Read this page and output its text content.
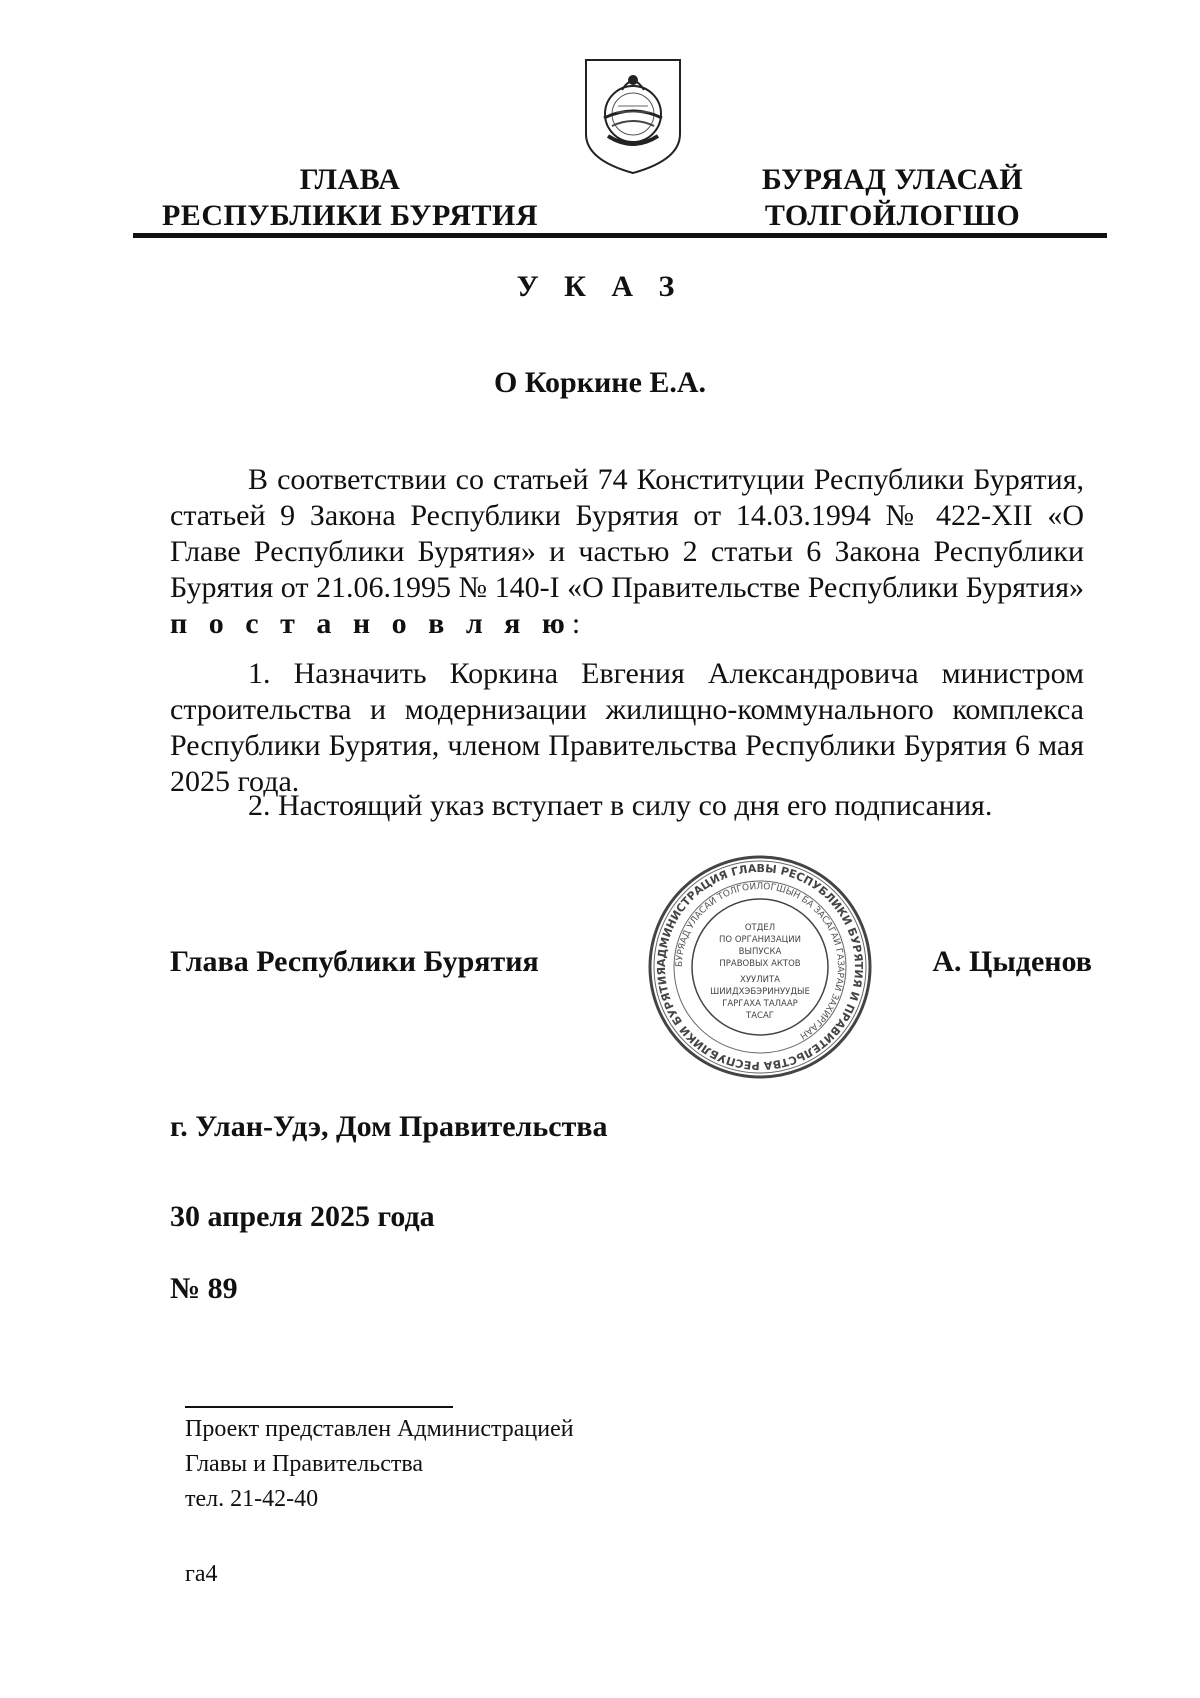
ГЛАВА
РЕСПУБЛИКИ БУРЯТИЯ
БУРЯАД УЛАСАЙ
ТОЛГОЙЛОГШО
У К А З
О Коркине Е.А.
В соответствии со статьей 74 Конституции Республики Бурятия, статьей 9 Закона Республики Бурятия от 14.03.1994 № 422-XII «О Главе Республики Бурятия» и частью 2 статьи 6 Закона Республики Бурятия от 21.06.1995 № 140-I «О Правительстве Республики Бурятия» п о с т а н о в л я ю:
1. Назначить Коркина Евгения Александровича министром строительства и модернизации жилищно-коммунального комплекса Республики Бурятия, членом Правительства Республики Бурятия 6 мая 2025 года.
2. Настоящий указ вступает в силу со дня его подписания.
Глава Республики Бурятия	А. Цыденов
АДМИНИСТРАЦИЯ ГЛАВЫ РЕСПУБЛИКИ БУРЯТИЯ И ПРАВИТЕЛЬСТВА РЕСПУБЛИКИ БУРЯТИЯ
БУРЯАД УЛАСАЙ ТОЛГОЙЛОГШЫН БА ЗАСАГАЙ ГАЗАРАЙ ЗАХИРГААН
ОТДЕЛ
ПО ОРГАНИЗАЦИИ
ВЫПУСКА
ПРАВОВЫХ АКТОВ
ХУУЛИТА
ШИИДХЭБЭРИНУУДЫЕ
ГАРГАХА ТАЛААР
ТАСАГ
г. Улан-Удэ, Дом Правительства
30 апреля 2025 года
№ 89
Проект представлен Администрацией
Главы и Правительства
тел. 21-42-40
га4
